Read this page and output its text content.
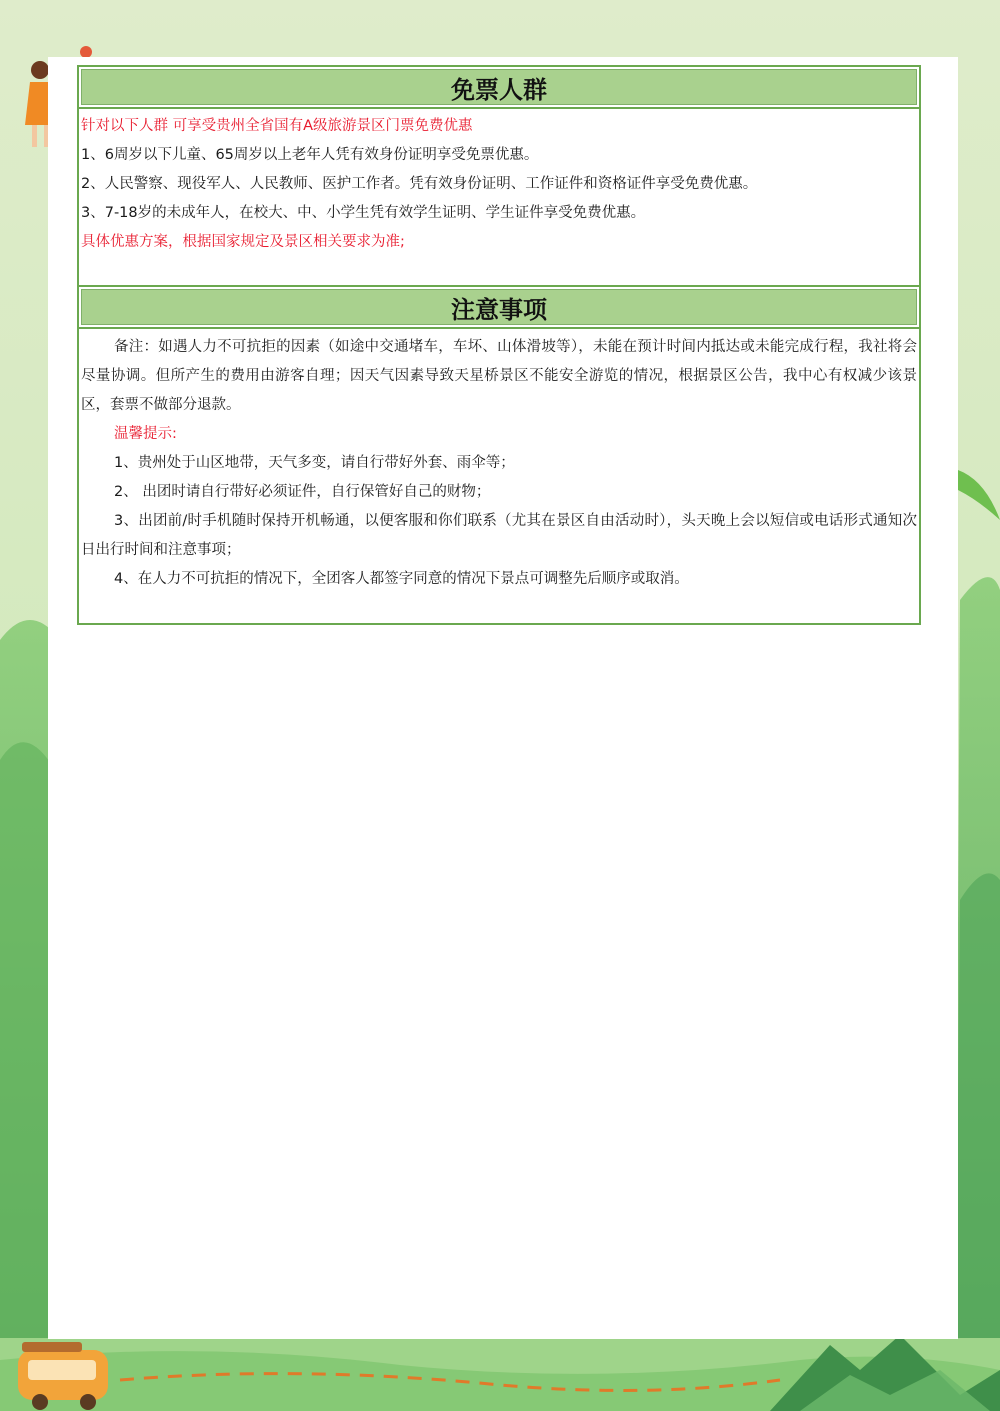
免票人群

针对以下人群 可享受贵州全省国有A级旅游景区门票免费优惠

1、6周岁以下儿童、65周岁以上老年人凭有效身份证明享受免票优惠。

2、人民警察、现役军人、人民教师、医护工作者。凭有效身份证明、工作证件和资格证件享受免费优惠。

3、7-18岁的未成年人，在校大、中、小学生凭有效学生证明、学生证件享受免费优惠。

具体优惠方案，根据国家规定及景区相关要求为准;

注意事项

备注：如遇人力不可抗拒的因素（如途中交通堵车，车坏、山体滑坡等），未能在预计时间内抵达或未能完成行程，我社将会尽量协调。但所产生的费用由游客自理；因天气因素导致天星桥景区不能安全游览的情况，根据景区公告，我中心有权减少该景区，套票不做部分退款。

温馨提示:

1、贵州处于山区地带，天气多变，请自行带好外套、雨伞等；

2、 出团时请自行带好必须证件，自行保管好自己的财物；

3、出团前/时手机随时保持开机畅通，以便客服和你们联系（尤其在景区自由活动时），头天晚上会以短信或电话形式通知次日出行时间和注意事项；

4、在人力不可抗拒的情况下，全团客人都签字同意的情况下景点可调整先后顺序或取消。
